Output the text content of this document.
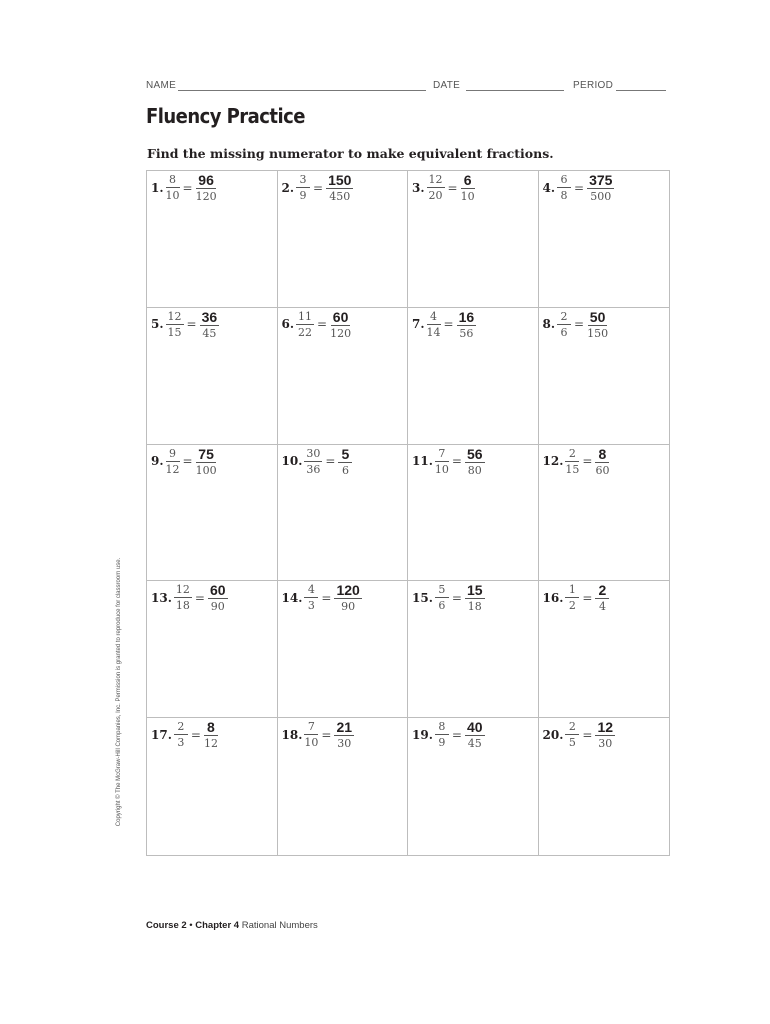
NAME	DATE	PERIOD
Fluency Practice

Find the missing numerator to make equivalent fractions.

1. $\frac{8}{10} = \frac{96}{120}$	2. $\frac{3}{9} = \frac{150}{450}$	3. $\frac{12}{20} = \frac{6}{10}$	4. $\frac{6}{8} = \frac{375}{500}$
5. $\frac{12}{15} = \frac{36}{45}$	6. $\frac{11}{22} = \frac{60}{120}$	7. $\frac{4}{14} = \frac{16}{56}$	8. $\frac{2}{6} = \frac{50}{150}$
9. $\frac{9}{12} = \frac{75}{100}$	10. $\frac{30}{36} = \frac{5}{6}$	11. $\frac{7}{10} = \frac{56}{80}$	12. $\frac{2}{15} = \frac{8}{60}$
13. $\frac{12}{18} = \frac{60}{90}$	14. $\frac{4}{3} = \frac{120}{90}$	15. $\frac{5}{6} = \frac{15}{18}$	16. $\frac{1}{2} = \frac{2}{4}$
17. $\frac{2}{3} = \frac{8}{12}$	18. $\frac{7}{10} = \frac{21}{30}$	19. $\frac{8}{9} = \frac{40}{45}$	20. $\frac{2}{5} = \frac{12}{30}$
Copyright © The McGraw-Hill Companies, Inc. Permission is granted to reproduce for classroom use.
Course 2 • Chapter 4 Rational Numbers
